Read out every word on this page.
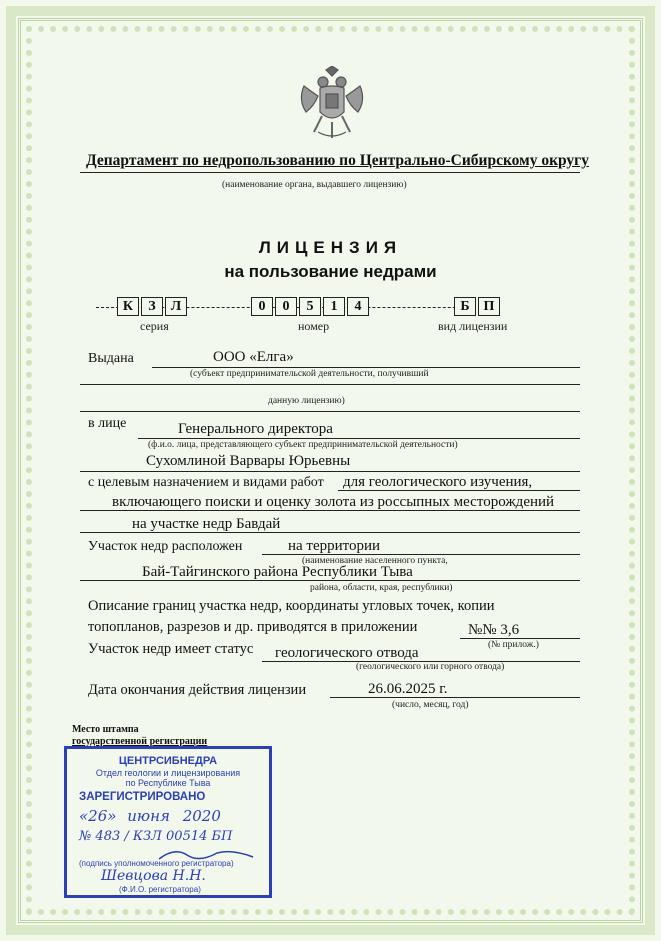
Департамент по недропользованию по Центрально-Сибирскому округу
(наименование органа, выдавшего лицензию)
ЛИЦЕНЗИЯ
на пользование недрами
К	З	Л
серия
0	0	5	1	4
номер
Б П
вид лицензии
Выдана	ООО «Елга»
(субъект предпринимательской деятельности, получивший
данную лицензию)
в лице	Генерального директора
(ф.и.о. лица, представляющего субъект предпринимательской деятельности)
Сухомлиной Варвары Юрьевны
с целевым назначением и видами работ для геологического изучения,
включающего поиски и оценку золота из россыпных месторождений
на участке недр Бавдай
Участок недр расположен	на территории
(наименование населенного пункта,
Бай-Тайгинского района Республики Тыва
района, области, края, республики)
Описание границ участка недр, координаты угловых точек, копии
топопланов, разрезов и др. приводятся в приложении	№№ 3,6
(№ прилож.)
Участок недр имеет статус геологического отвода
(геологического или горного отвода)
Дата окончания действия лицензии	26.06.2025 г.
(число, месяц, год)
Место штампа
государственной регистрации
ЦЕНТРСИБНЕДРА
Отдел геологии и лицензирования
по Республике Тыва
ЗАРЕГИСТРИРОВАНО
«26» июня 2020
№ 483 / КЗЛ 00514 БП
(подпись уполномоченного регистратора)
Шевцова Н.Н.
(Ф.И.О. регистратора)
